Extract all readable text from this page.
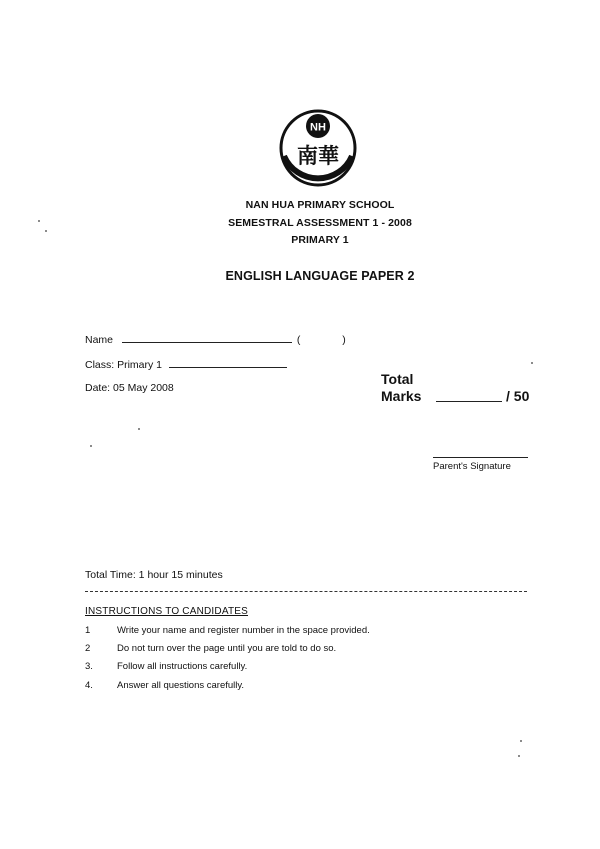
NH
南華
NAN HUA PRIMARY SCHOOL
SEMESTRAL ASSESSMENT 1 - 2008
PRIMARY 1
ENGLISH LANGUAGE PAPER 2
Name	(	)
Class: Primary 1
Date: 05 May 2008
Total
Marks	/ 50
Parent's Signature
Total Time: 1 hour 15 minutes
INSTRUCTIONS TO CANDIDATES
1	Write your name and register number in the space provided.
2	Do not turn over the page until you are told to do so.
3.	Follow all instructions carefully.
4.	Answer all questions carefully.
